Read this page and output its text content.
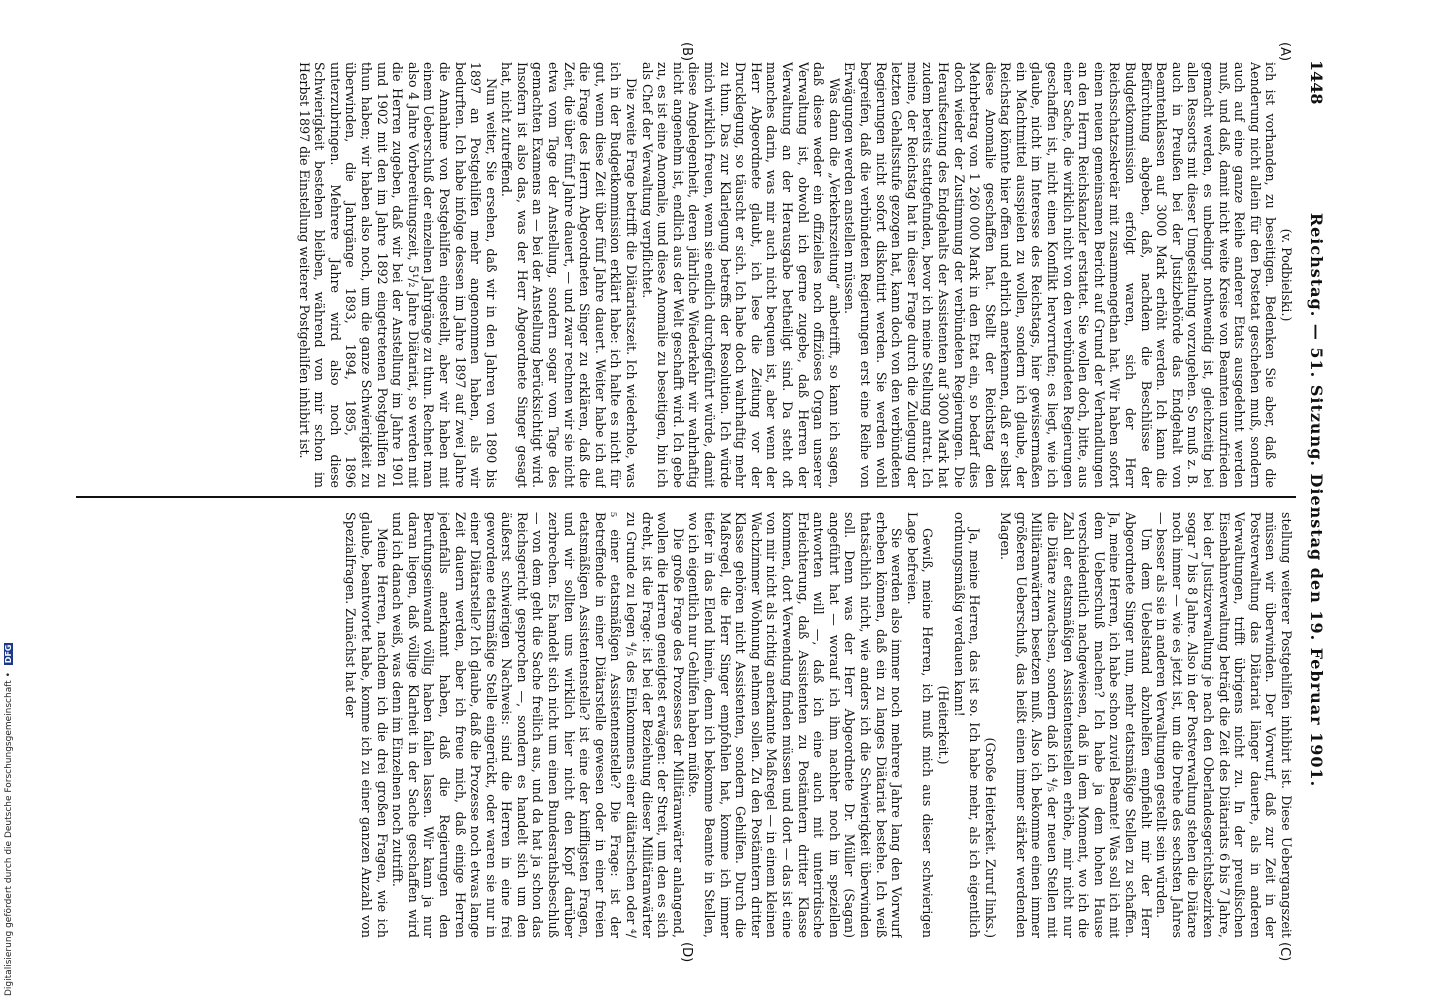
1448
Reichstag. — 51. Sitzung. Dienstag den 19. Februar 1901.
(A)
(B)
(C)
(D)

(v. Podbielski.)

ich ist vorhanden, zu beseitigen. Bedenken Sie aber, daß die Aenderung nicht allein für den Postetat geschehen muß, sondern auch auf eine ganze Reihe anderer Etats ausgedehnt werden muß, und daß, damit nicht weite Kreise von Beamten unzufrieden gemacht werden, es unbedingt nothwendig ist, gleichzeitig bei allen Ressorts mit dieser Umgestaltung vorzugehen. So muß z. B. auch in Preußen bei der Justizbehörde das Endgehalt von Beamtenklassen auf 3000 Mark erhöht werden. Ich kann die Befürchtung abgeben, daß, nachdem die Beschlüsse der Budgetkommission erfolgt waren, sich der Herr Reichsschatzsekretär mit zusammengethan hat. Wir haben sofort einen neuen gemeinsamen Bericht auf Grund der Verhandlungen an den Herrn Reichskanzler erstattet. Sie wollen doch, bitte, aus einer Sache, die wirklich nicht von den verbündeten Regierungen geschaffen ist, nicht einen Konflikt hervorrufen; es liegt, wie ich glaube, nicht im Interesse des Reichstags, hier gewissermaßen ein Machtmittel ausspielen zu wollen, sondern ich glaube, der Reichstag könnte hier offen und ehrlich anerkennen, daß er selbst diese Anomalie geschaffen hat. Stellt der Reichstag den Mehrbetrag von 1 260 000 Mark in den Etat ein, so bedarf dies doch wieder der Zustimmung der verbündeten Regierungen. Die Heraufsetzung des Endgehalts der Assistenten auf 3000 Mark hat zudem bereits stattgefunden, bevor ich meine Stellung antrat. Ich meine, der Reichstag hat in dieser Frage durch die Zulegung der letzten Gehaltsstufe gezogen hat, kann doch von den verbündeten Regierungen nicht sofort diskontirt werden. Sie werden wohl begreifen, daß die verbündeten Regierungen erst eine Reihe von Erwägungen werden anstellen müssen.

Was dann die „Verkehrszeitung“ anbetrifft, so kann ich sagen, daß diese weder ein offizielles noch offiziöses Organ unserer Verwaltung ist, obwohl ich gerne zugebe, daß Herren der Verwaltung an der Herausgabe betheiligt sind. Da steht oft manches darin, was mir auch nicht bequem ist, aber wenn der Herr Abgeordnete glaubt, ich lese die Zeitung vor der Drucklegung, so täuscht er sich. Ich habe doch wahrhaftig mehr zu thun. Das zur Klarlegung betreffs der Resolution. Ich würde mich wirklich freuen, wenn sie endlich durchgeführt würde, damit diese Angelegenheit, deren jährliche Wiederkehr wir wahrhaftig nicht angenehm ist, endlich aus der Welt geschafft wird. Ich gebe zu, es ist eine Anomalie, und diese Anomalie zu beseitigen, bin ich als Chef der Verwaltung verpflichtet.

Die zweite Frage betrifft die Diätariatszeit. Ich wiederhole, was ich in der Budgetkommission erklärt habe: ich halte es nicht für gut, wenn diese Zeit über fünf Jahre dauert. Weiter habe ich auf die Frage des Herrn Abgeordneten Singer zu erklären, daß die Zeit, die über fünf Jahre dauert, — und zwar rechnen wir sie nicht etwa vom Tage der Anstellung, sondern sogar vom Tage des gemachten Examens an — bei der Anstellung berücksichtigt wird. Insofern ist also das, was der Herr Abgeordnete Singer gesagt hat, nicht zutreffend.

Nun weiter, Sie ersehen, daß wir in den Jahren von 1890 bis 1897 an Postgehilfen mehr angenommen haben, als wir bedurften. Ich habe infolge dessen im Jahre 1897 auf zwei Jahre die Annahme von Postgehilfen eingestellt, aber wir haben mit einem Ueberschuß der einzelnen Jahrgänge zu thun. Rechnet man also 4 Jahre Vorbereitungszeit, 5¹/₂ Jahre Diätariat, so werden mit die Herren zugeben, daß wir bei der Anstellung im Jahre 1901 und 1902 mit den im Jahre 1892 eingetretenen Postgehilfen zu thun haben; wir haben also noch, um die ganze Schwierigkeit zu überwinden, die Jahrgänge 1893, 1894, 1895, 1896 unterzubringen. Mehrere Jahre wird also noch diese Schwierigkeit bestehen bleiben, während von mir schon im Herbst 1897 die Einstellung weiterer Postgehilfen inhibirt ist.

stellung weiterer Postgehilfen inhibirt ist. Diese Uebergangszeit müssen wir überwinden. Der Vorwurf, daß zur Zeit in der Postverwaltung das Diätariat länger dauerte, als in anderen Verwaltungen, trifft übrigens nicht zu. In der preußischen Eisenbahnverwaltung beträgt die Zeit des Diätariats 6 bis 7 Jahre, bei der Justizverwaltung je nach den Oberlandesgerichtsbezirken sogar 7 bis 8 Jahre. Also in der Postverwaltung stehen die Diätare noch immer — wie es jetzt ist, um die Drehe des sechsten Jahres — besser als sie in anderen Verwaltungen gestellt sein würden.

Um dem Uebelstand abzuhelfen empfiehlt mir der Herr Abgeordnete Singer nun, mehr etatsmäßige Stellen zu schaffen. Ja, meine Herren, ich habe schon zuviel Beamte! Was soll ich mit dem Ueberschuß machen? Ich habe ja dem hohen Hause verschiedentlich nachgewiesen, daß in dem Moment, wo ich die Zahl der etatsmäßigen Assistentenstellen erhöhe, mir nicht nur die Diätare zuwachsen, sondern daß ich ⁴/₅ der neuen Stellen mit Militäranwärtern besetzen muß. Also ich bekomme einen immer größeren Ueberschuß, das heißt einen immer stärker werdenden Magen.

(Große Heiterkeit. Zuruf links.)

Ja, meine Herren, das ist so. Ich habe mehr, als ich eigentlich ordnungsmäßig verdauen kann!

(Heiterkeit.)

Gewiß, meine Herren, ich muß mich aus dieser schwierigen Lage befreien.

Sie werden also immer noch mehrere Jahre lang den Vorwurf erheben können, daß ein zu langes Diätariat bestehe. Ich weiß thatsächlich nicht, wie anders ich die Schwierigkeit überwinden soll. Denn was der Herr Abgeordnete Dr. Müller (Sagan) angeführt hat — worauf ich ihm nachher noch im speziellen antworten will —, daß ich eine auch mit unterirdische Erleichterung, daß Assistenten zu Postämtern dritter Klasse kommen, dort Verwendung finden müssen und dort — das ist eine von mir nicht als richtig anerkannte Maßregel — in einem kleinen Wachzimmer Wohnung nehmen sollen. Zu den Postämtern dritter Klasse gehören nicht Assistenten, sondern Gehilfen. Durch die Maßregel, die Herr Singer empfohlen hat, komme ich immer tiefer in das Elend hinein, denn ich bekomme Beamte in Stellen, wo ich eigentlich nur Gehilfen haben müßte.

Die große Frage des Prozesses der Militäranwärter anlangend, wollen die Herren geneigtest erwägen: der Streit, um den es sich dreht, ist die Frage: ist bei der Beziehung dieser Militäranwärter zu Grunde zu legen ⁴/₅ des Einkommens einer diätarischen oder ⁴/₅ einer etatsmäßigen Assistentenstelle? Die Frage: ist der Betreffende in einer Diätarstelle gewesen oder in einer freien etatsmäßigen Assistentenstelle? ist eine der kniffligsten Fragen, und wir sollten uns wirklich hier nicht den Kopf darüber zerbrechen. Es handelt sich nicht um einen Bundesrathsbeschluß — von dem geht die Sache freilich aus, und da hat ja schon das Reichsgericht gesprochen —, sondern es handelt sich um den äußerst schwierigen Nachweis: sind die Herren in eine frei gewordene etatsmäßige Stelle eingerückt, oder waren sie nur in einer Diätarstelle? Ich glaube, daß die Prozesse noch etwas lange Zeit dauern werden, aber ich freue mich, daß einige Herren jedenfalls anerkannt haben, daß die Regierungen den Berufungseinwand völlig haben fallen lassen. Wir kann ja nur daran liegen, daß völlige Klarheit in der Sache geschaffen wird und ich danach weiß, was denn im Einzelnen noch zutrifft.

Meine Herren, nachdem ich die drei großen Fragen, wie ich glaube, beantwortet habe, komme ich zu einer ganzen Anzahl von Spezialfragen. Zunächst hat der

Digitalisierung gefördert durch die Deutsche Forschungsgemeinschaft • DFG
